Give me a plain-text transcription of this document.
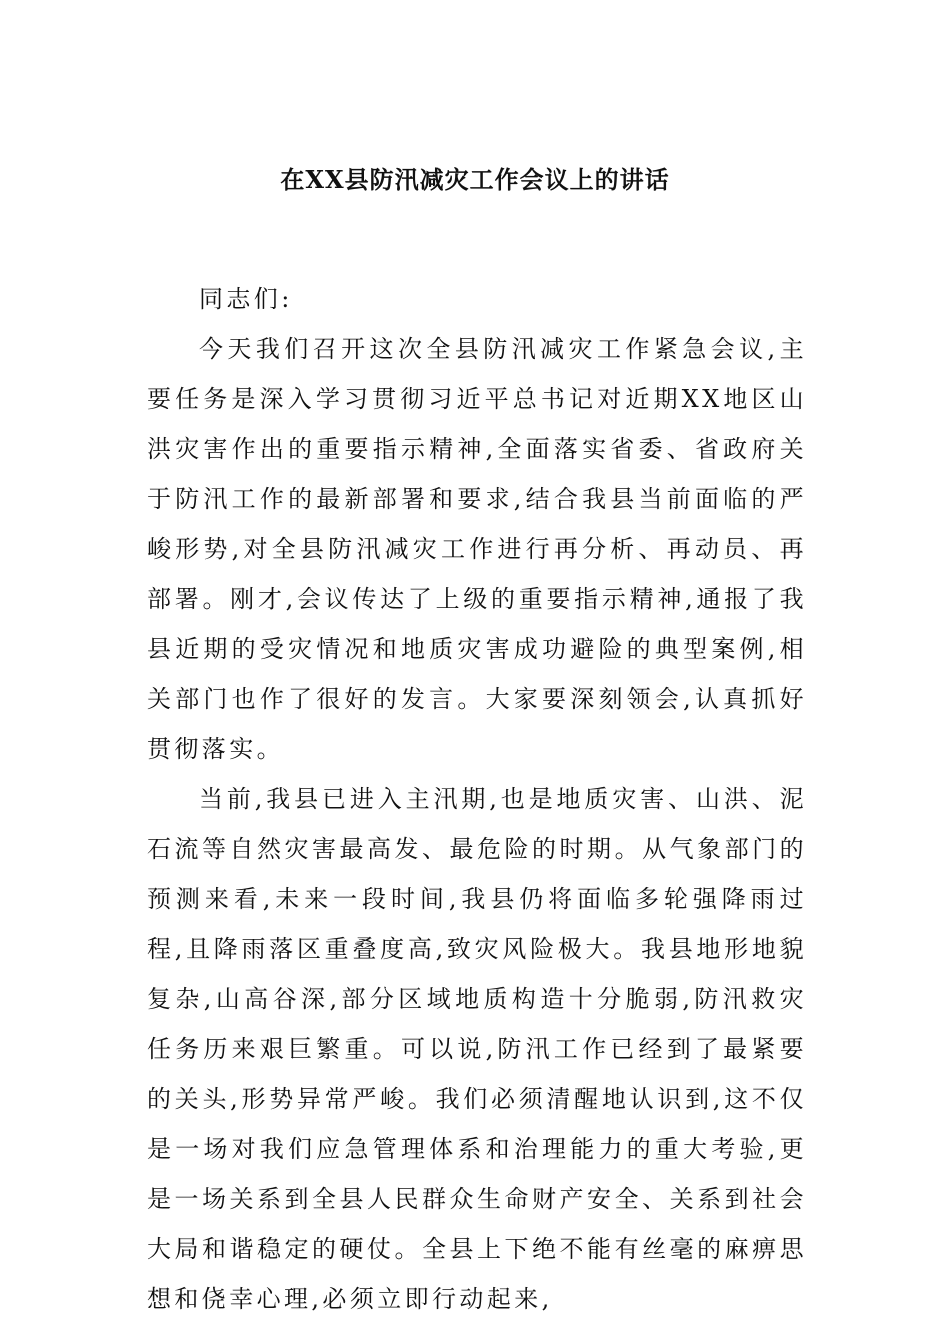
在XX县防汛减灾工作会议上的讲话

同志们:

今天我们召开这次全县防汛减灾工作紧急会议,主要任务是深入学习贯彻习近平总书记对近期XX地区山洪灾害作出的重要指示精神,全面落实省委、省政府关于防汛工作的最新部署和要求,结合我县当前面临的严峻形势,对全县防汛减灾工作进行再分析、再动员、再部署。刚才,会议传达了上级的重要指示精神,通报了我县近期的受灾情况和地质灾害成功避险的典型案例,相关部门也作了很好的发言。大家要深刻领会,认真抓好贯彻落实。

当前,我县已进入主汛期,也是地质灾害、山洪、泥石流等自然灾害最高发、最危险的时期。从气象部门的预测来看,未来一段时间,我县仍将面临多轮强降雨过程,且降雨落区重叠度高,致灾风险极大。我县地形地貌复杂,山高谷深,部分区域地质构造十分脆弱,防汛救灾任务历来艰巨繁重。可以说,防汛工作已经到了最紧要的关头,形势异常严峻。我们必须清醒地认识到,这不仅是一场对我们应急管理体系和治理能力的重大考验,更是一场关系到全县人民群众生命财产安全、关系到社会大局和谐稳定的硬仗。全县上下绝不能有丝毫的麻痹思想和侥幸心理,必须立即行动起来,
